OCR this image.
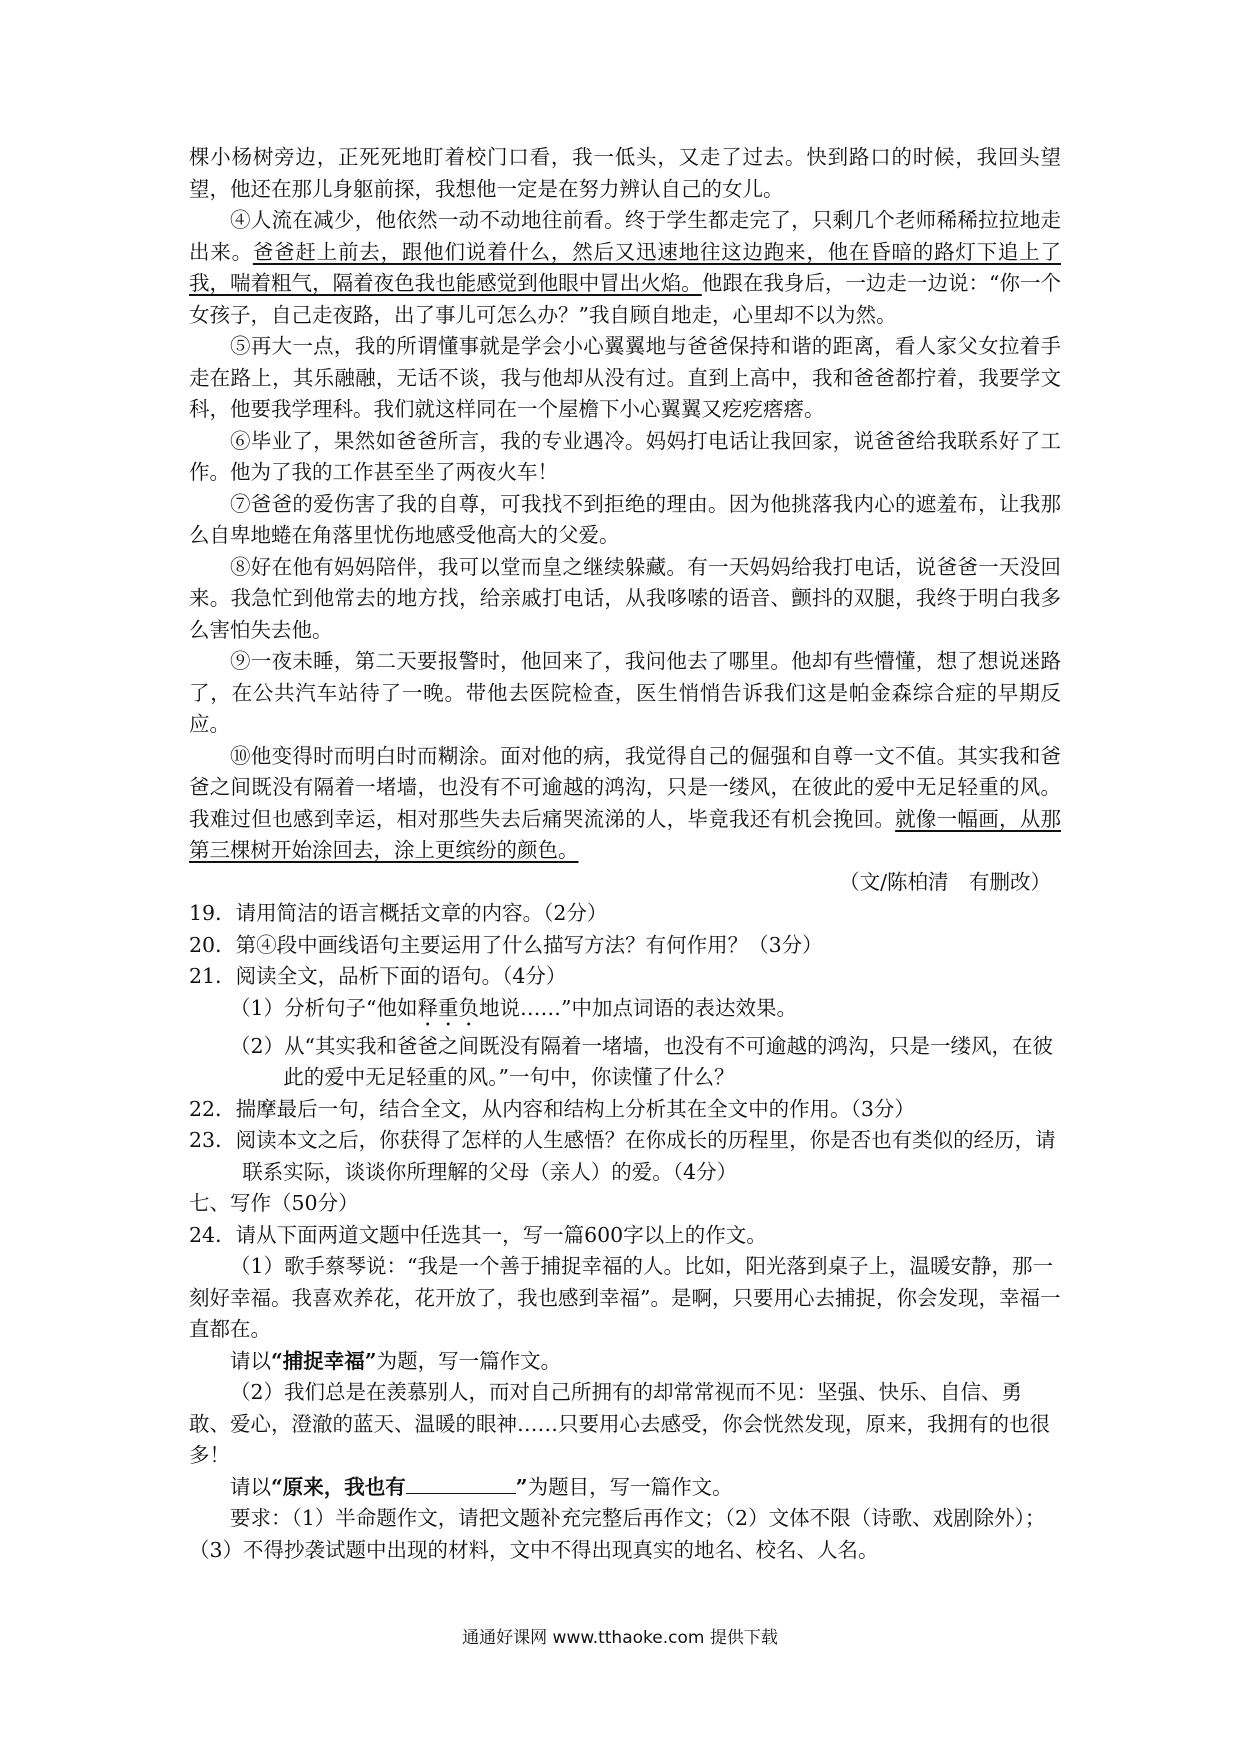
棵小杨树旁边，正死死地盯着校门口看，我一低头，又走了过去。快到路口的时候，我回头望望，他还在那儿身躯前探，我想他一定是在努力辨认自己的女儿。

④人流在减少，他依然一动不动地往前看。终于学生都走完了，只剩几个老师稀稀拉拉地走出来。爸爸赶上前去，跟他们说着什么，然后又迅速地往这边跑来，他在昏暗的路灯下追上了我，喘着粗气，隔着夜色我也能感觉到他眼中冒出火焰。他跟在我身后，一边走一边说：“你一个女孩子，自己走夜路，出了事儿可怎么办？”我自顾自地走，心里却不以为然。

⑤再大一点，我的所谓懂事就是学会小心翼翼地与爸爸保持和谐的距离，看人家父女拉着手走在路上，其乐融融，无话不谈，我与他却从没有过。直到上高中，我和爸爸都拧着，我要学文科，他要我学理科。我们就这样同在一个屋檐下小心翼翼又疙疙瘩瘩。

⑥毕业了，果然如爸爸所言，我的专业遇冷。妈妈打电话让我回家，说爸爸给我联系好了工作。他为了我的工作甚至坐了两夜火车！

⑦爸爸的爱伤害了我的自尊，可我找不到拒绝的理由。因为他挑落我内心的遮羞布，让我那么自卑地蜷在角落里忧伤地感受他高大的父爱。

⑧好在他有妈妈陪伴，我可以堂而皇之继续躲藏。有一天妈妈给我打电话，说爸爸一天没回来。我急忙到他常去的地方找，给亲戚打电话，从我哆嗦的语音、颤抖的双腿，我终于明白我多么害怕失去他。

⑨一夜未睡，第二天要报警时，他回来了，我问他去了哪里。他却有些懵懂，想了想说迷路了，在公共汽车站待了一晚。带他去医院检查，医生悄悄告诉我们这是帕金森综合症的早期反应。

⑩他变得时而明白时而糊涂。面对他的病，我觉得自己的倔强和自尊一文不值。其实我和爸爸之间既没有隔着一堵墙，也没有不可逾越的鸿沟，只是一缕风，在彼此的爱中无足轻重的风。我难过但也感到幸运，相对那些失去后痛哭流涕的人，毕竟我还有机会挽回。就像一幅画，从那第三棵树开始涂回去，涂上更缤纷的颜色。

（文/陈柏清　有删改）

19．请用简洁的语言概括文章的内容。（2分）

20．第④段中画线语句主要运用了什么描写方法？有何作用？（3分）

21．阅读全文，品析下面的语句。（4分）

（1）分析句子“他如释重负地说……”中加点词语的表达效果。

（2）从“其实我和爸爸之间既没有隔着一堵墙，也没有不可逾越的鸿沟，只是一缕风，在彼此的爱中无足轻重的风。”一句中，你读懂了什么？

22．揣摩最后一句，结合全文，从内容和结构上分析其在全文中的作用。（3分）

23．阅读本文之后，你获得了怎样的人生感悟？在你成长的历程里，你是否也有类似的经历，请联系实际，谈谈你所理解的父母（亲人）的爱。（4分）

七、写作（50分）

24．请从下面两道文题中任选其一，写一篇600字以上的作文。

（1）歌手蔡琴说：“我是一个善于捕捉幸福的人。比如，阳光落到桌子上，温暖安静，那一刻好幸福。我喜欢养花，花开放了，我也感到幸福”。是啊，只要用心去捕捉，你会发现，幸福一直都在。

请以“捕捉幸福”为题，写一篇作文。

（2）我们总是在羡慕别人，而对自己所拥有的却常常视而不见：坚强、快乐、自信、勇敢、爱心，澄澈的蓝天、温暖的眼神……只要用心去感受，你会恍然发现，原来，我拥有的也很多！

请以“原来，我也有	”为题目，写一篇作文。

要求：（1）半命题作文，请把文题补充完整后再作文；（2）文体不限（诗歌、戏剧除外）；（3）不得抄袭试题中出现的材料，文中不得出现真实的地名、校名、人名。

通通好课网 www.tthaoke.com 提供下载
